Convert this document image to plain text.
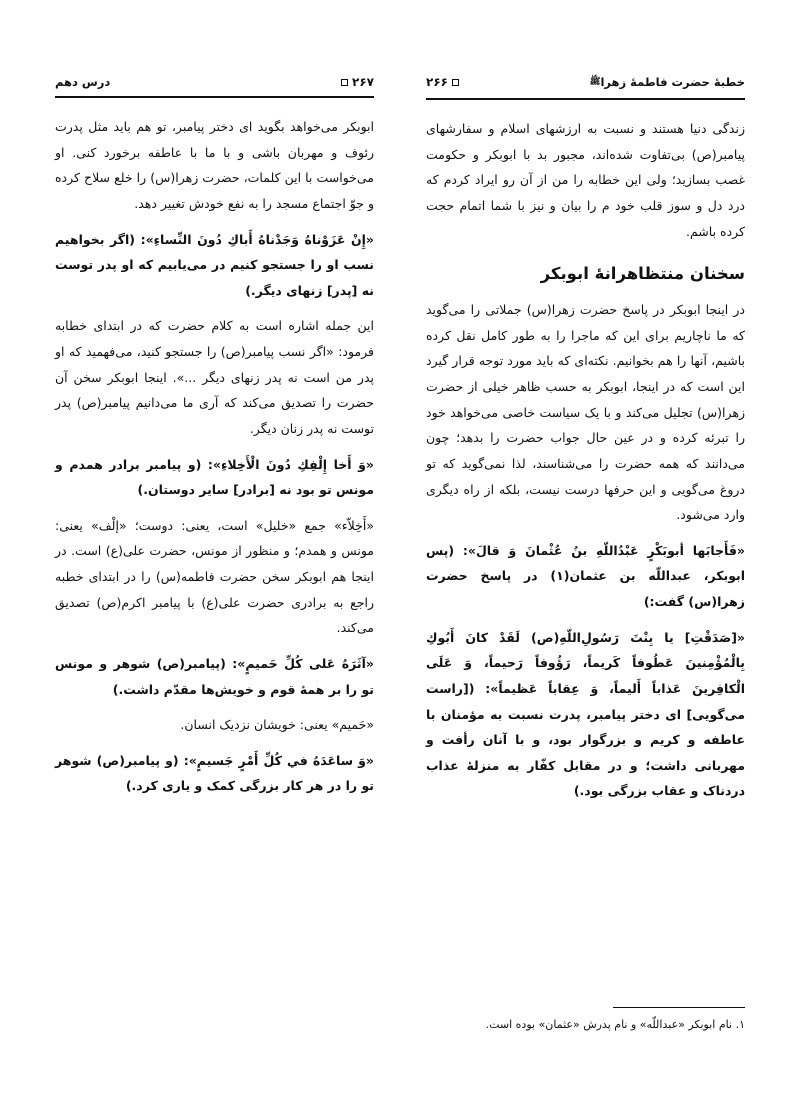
خطبهٔ حضرت فاطمهٔ زهراﷺ
۲۶۶

زندگی دنیا هستند و نسبت به ارزشهای اسلام و سفارشهای پیامبر(ص) بی‌تفاوت شده‌اند، مجبور بد با ابوبکر و حکومت غصب بسازید؛ ولی این خطابه را من از آن رو ایراد کردم که درد دل و سوز قلب خود م را بیان و نیز با شما اتمام حجت کرده باشم.

سخنان منتظاهرانهٔ ابوبکر

در اینجا ابوبکر در پاسخ حضرت زهرا(س) جملاتی را می‌گوید که ما ناچاریم برای این که ماجرا را به طور کامل نقل کرده باشیم، آنها را هم بخوانیم. نکته‌ای که باید مورد توجه قرار گیرد این است که در اینجا، ابوبکر به حسب ظاهر خیلی از حضرت زهرا(س) تجلیل می‌کند و با یک سیاست خاصی می‌خواهد خود را تبرئه کرده و در عین حال جواب حضرت را بدهد؛ چون می‌دانند که همه حضرت را می‌شناسند، لذا نمی‌گوید که تو دروغ می‌گویی و این حرفها درست نیست، بلکه از راه دیگری وارد می‌شود.

«فَأَجابَها أبوبَكْرٍ عَبْدُاللّهِ بنُ عُثْمانَ وَ قالَ»: (پس ابوبکر، عبداللّه بن عثمان(۱) در پاسخ حضرت زهرا(س) گفت:)

«[صَدَقْتِ] يا بِنْتَ رَسُولِ‌اللّهِ(ص) لَقَدْ كانَ أَبُوكِ بِالْمُؤْمِنينَ عَطُوفاً كَريماً، رَؤُوفاً رَحيماً، وَ عَلَى الْكافِرينَ عَذاباً أَليماً، وَ عِقاباً عَظيماً»: ([راست می‌گویی] ای دختر پیامبر، پدرت نسبت به مؤمنان با عاطفه و کریم و بزرگوار بود، و با آنان رأفت و مهربانی داشت؛ و در مقابل کفّار به منزلهٔ عذاب دردناک و عقاب بزرگی بود.)

۱. نام ابوبکر «عبداللّه» و نام پدرش «عثمان» بوده است.

۲۶۷
درس دهم

ابوبکر می‌خواهد بگوید ای دختر پیامبر، تو هم باید مثل پدرت رئوف و مهربان باشی و با ما با عاطفه برخورد کنی. او می‌خواست با این کلمات، حضرت زهرا(س) را خلع سلاح کرده و جوّ اجتماع مسجد را به نفع خودش تغییر دهد.

«إِنْ عَزَوْناهُ وَجَدْناهُ أَباكِ دُونَ النِّساءِ»: (اگر بخواهیم نسب او را جستجو کنیم در می‌یابیم که او پدر توست نه [پدر] زنهای دیگر.)

این جمله اشاره است به کلام حضرت که در ابتدای خطابه فرمود: «اگر نسب پیامبر(ص) را جستجو کنید، می‌فهمید که او پدر من است نه پدر زنهای دیگر ...». اینجا ابوبکر سخن آن حضرت را تصدیق می‌کند که آری ما می‌دانیم پیامبر(ص) پدر توست نه پدر زنان دیگر.

«وَ أَخا إِلْفِكِ دُونَ الْأَخِلاءِ»: (و پیامبر برادر همدم و مونس تو بود نه [برادر] سایر دوستان.)

«أَخِلاّء» جمع «خلیل» است، یعنی: دوست؛ «إلْف» یعنی: مونس و همدم؛ و منظور از مونس، حضرت علی(ع) است. در اینجا هم ابوبکر سخن حضرت فاطمه(س) را در ابتدای خطبه راجع به برادری حضرت علی(ع) با پیامبر اکرم(ص) تصدیق می‌کند.

«آثَرَهُ عَلى‌ كُلِّ حَميمٍ»: (پیامبر(ص) شوهر و مونس تو را بر همهٔ قوم و خویش‌ها مقدّم داشت.)

«حَمیم» یعنی: خویشان نزدیک انسان.

«وَ ساعَدَهُ في كُلِّ أَمْرٍ جَسيمٍ»: (و پیامبر(ص) شوهر تو را در هر کار بزرگی کمک و یاری کرد.)
